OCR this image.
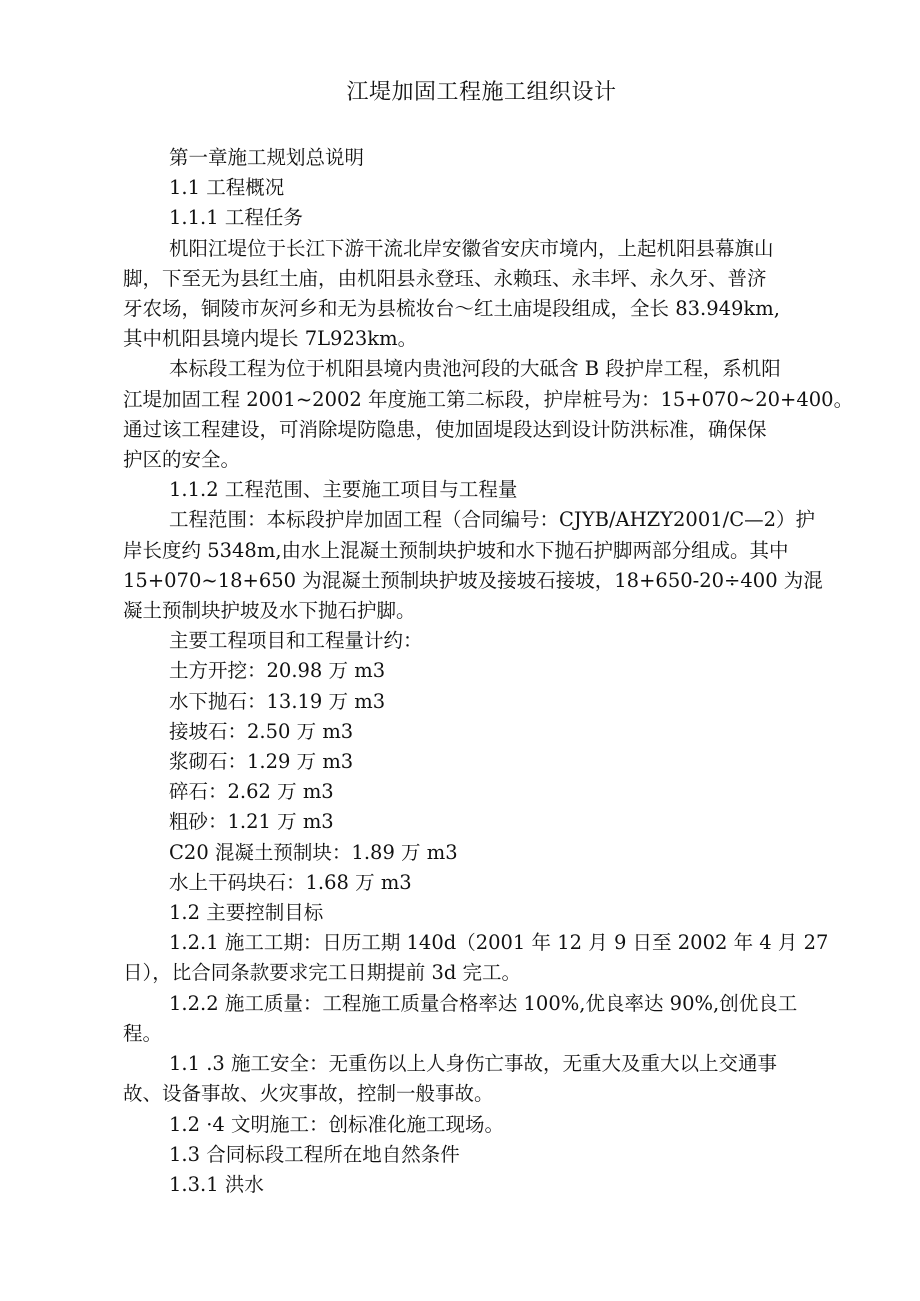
江堤加固工程施工组织设计
第一章施工规划总说明
1.1 工程概况
1.1.1 工程任务
机阳江堤位于长江下游干流北岸安徽省安庆市境内，上起机阳县幕旗山
脚，下至无为县红土庙，由机阳县永登珏、永赖珏、永丰坪、永久牙、普济
牙农场，铜陵市灰河乡和无为县梳妆台～红土庙堤段组成，全长 83.949km,
其中机阳县境内堤长 7L923km。
本标段工程为位于机阳县境内贵池河段的大砥含 B 段护岸工程，系机阳
江堤加固工程 2001~2002 年度施工第二标段，护岸桩号为：15+070~20+400。
通过该工程建设，可消除堤防隐患，使加固堤段达到设计防洪标准，确保保
护区的安全。
1.1.2 工程范围、主要施工项目与工程量
工程范围：本标段护岸加固工程（合同编号：CJYB/AHZY2001/C—2）护
岸长度约 5348m,由水上混凝土预制块护坡和水下抛石护脚两部分组成。其中
15+070~18+650 为混凝土预制块护坡及接坡石接坡，18+650-20÷400 为混
凝土预制块护坡及水下抛石护脚。
主要工程项目和工程量计约：
土方开挖：20.98 万 m3
水下抛石：13.19 万 m3
接坡石：2.50 万 m3
浆砌石：1.29 万 m3
碎石：2.62 万 m3
粗砂：1.21 万 m3
C20 混凝土预制块：1.89 万 m3
水上干码块石：1.68 万 m3
1.2 主要控制目标
1.2.1 施工工期：日历工期 140d（2001 年 12 月 9 日至 2002 年 4 月 27
日），比合同条款要求完工日期提前 3d 完工。
1.2.2 施工质量：工程施工质量合格率达 100%,优良率达 90%,创优良工
程。
1.1 .3 施工安全：无重伤以上人身伤亡事故，无重大及重大以上交通事
故、设备事故、火灾事故，控制一般事故。
1.2 ·4 文明施工：创标准化施工现场。
1.3 合同标段工程所在地自然条件
1.3.1 洪水
